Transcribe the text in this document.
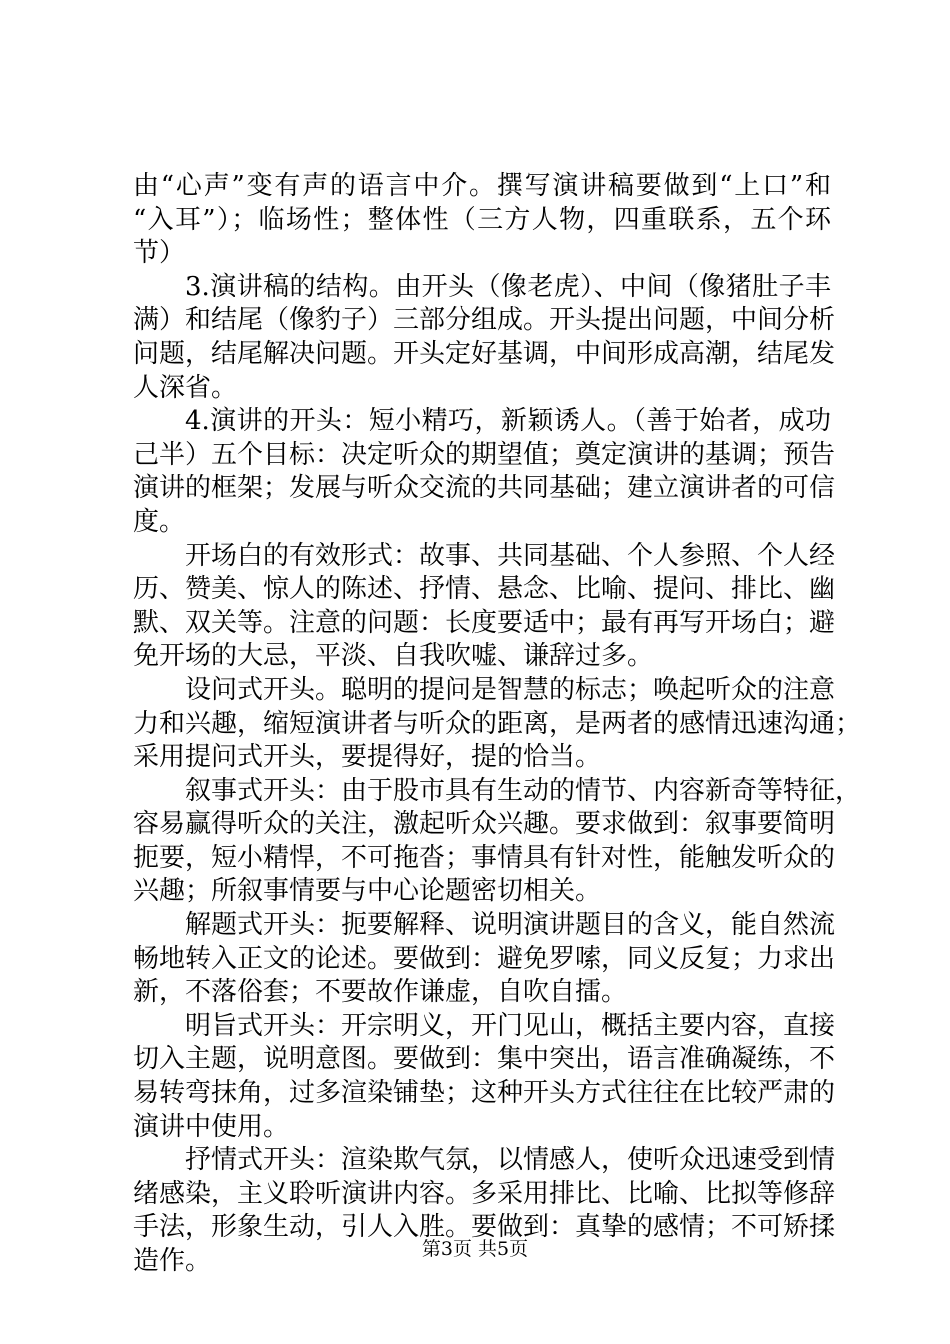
由“心声”变有声的语言中介。撰写演讲稿要做到“上口”和
“入耳”）；临场性；整体性（三方人物，四重联系，五个环
节）
3.演讲稿的结构。由开头（像老虎）、中间（像猪肚子丰
满）和结尾（像豹子）三部分组成。开头提出问题，中间分析
问题，结尾解决问题。开头定好基调，中间形成高潮，结尾发
人深省。
4.演讲的开头：短小精巧，新颖诱人。（善于始者，成功
己半）五个目标：决定听众的期望值；奠定演讲的基调；预告
演讲的框架；发展与听众交流的共同基础；建立演讲者的可信
度。
开场白的有效形式：故事、共同基础、个人参照、个人经
历、赞美、惊人的陈述、抒情、悬念、比喻、提问、排比、幽
默、双关等。注意的问题：长度要适中；最有再写开场白；避
免开场的大忌，平淡、自我吹嘘、谦辞过多。
设问式开头。聪明的提问是智慧的标志；唤起听众的注意
力和兴趣，缩短演讲者与听众的距离，是两者的感情迅速沟通；
采用提问式开头，要提得好，提的恰当。
叙事式开头：由于股市具有生动的情节、内容新奇等特征，
容易赢得听众的关注，激起听众兴趣。要求做到：叙事要简明
扼要，短小精悍，不可拖沓；事情具有针对性，能触发听众的
兴趣；所叙事情要与中心论题密切相关。
解题式开头：扼要解释、说明演讲题目的含义，能自然流
畅地转入正文的论述。要做到：避免罗嗦，同义反复；力求出
新，不落俗套；不要故作谦虚，自吹自擂。
明旨式开头：开宗明义，开门见山，概括主要内容，直接
切入主题，说明意图。要做到：集中突出，语言准确凝练，不
易转弯抹角，过多渲染铺垫；这种开头方式往往在比较严肃的
演讲中使用。
抒情式开头：渲染欺气氛，以情感人，使听众迅速受到情
绪感染，主义聆听演讲内容。多采用排比、比喻、比拟等修辞
手法，形象生动，引人入胜。要做到：真挚的感情；不可矫揉
造作。	第3页 共5页
